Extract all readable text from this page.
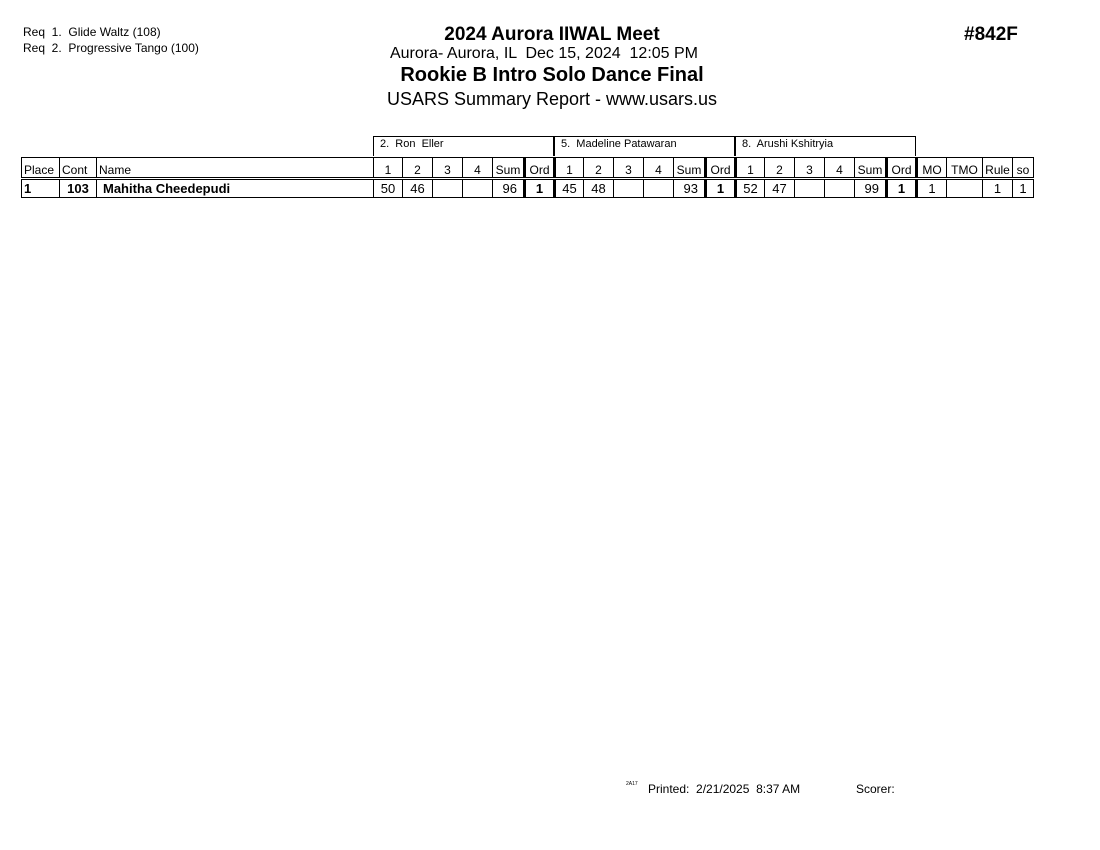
Req  1.  Glide Waltz (108)
Req  2.  Progressive Tango (100)
#842F
2024 Aurora IIWAL Meet
Aurora- Aurora, IL  Dec 15, 2024  12:05 PM
Rookie B Intro Solo Dance Final
USARS Summary Report - www.usars.us
2.  Ron  Eller	5.  Madeline Patawaran	8.  Arushi Kshitryia
Place	Cont	Name	1	2	3	4	Sum	Ord	1	2	3	4	Sum	Ord	1	2	3	4	Sum	Ord	MO	TMO	Rule	so
1	103	Mahitha Cheedepudi	50	46			96	1	45	48			93	1	52	47			99	1	1		1	1
2A17 Printed:  2/21/2025  8:37 AM	Scorer:
